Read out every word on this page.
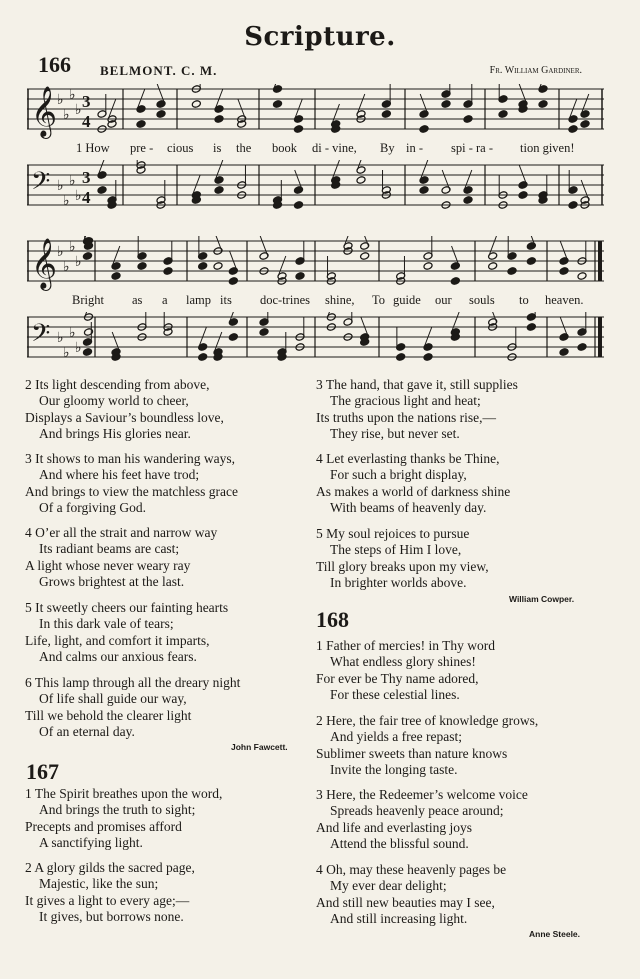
Scripture.
166 BELMONT. C. M.	Fr. William Gardiner.
𝄞 ♭
♭
♭
♭ 3
4
𝄢 ♭
♭
♭
♭
3
4
𝄞 ♭
♭
♭
♭
𝄢 ♭
♭
♭
♭
1 How pre - cious is the book di - vine, By in - spi - ra - tion given!
Bright as a lamp its doc-trines shine, To guide our souls to heaven.
2 Its light descending from above,
Our gloomy world to cheer,
Displays a Saviour’s boundless love,
And brings His glories near.
3 It shows to man his wandering ways,
And where his feet have trod;
And brings to view the matchless grace
Of a forgiving God.
4 O’er all the strait and narrow way
Its radiant beams are cast;
A light whose never weary ray
Grows brightest at the last.
5 It sweetly cheers our fainting hearts
In this dark vale of tears;
Life, light, and comfort it imparts,
And calms our anxious fears.
6 This lamp through all the dreary night
Of life shall guide our way,
Till we behold the clearer light
Of an eternal day.
John Fawcett.
167
1 The Spirit breathes upon the word,
And brings the truth to sight;
Precepts and promises afford
A sanctifying light.
2 A glory gilds the sacred page,
Majestic, like the sun;
It gives a light to every age;—
It gives, but borrows none.
3 The hand, that gave it, still supplies
The gracious light and heat;
Its truths upon the nations rise,—
They rise, but never set.
4 Let everlasting thanks be Thine,
For such a bright display,
As makes a world of darkness shine
With beams of heavenly day.
5 My soul rejoices to pursue
The steps of Him I love,
Till glory breaks upon my view,
In brighter worlds above.
William Cowper.
168
1 Father of mercies! in Thy word
What endless glory shines!
For ever be Thy name adored,
For these celestial lines.
2 Here, the fair tree of knowledge grows,
And yields a free repast;
Sublimer sweets than nature knows
Invite the longing taste.
3 Here, the Redeemer’s welcome voice
Spreads heavenly peace around;
And life and everlasting joys
Attend the blissful sound.
4 Oh, may these heavenly pages be
My ever dear delight;
And still new beauties may I see,
And still increasing light.
Anne Steele.
